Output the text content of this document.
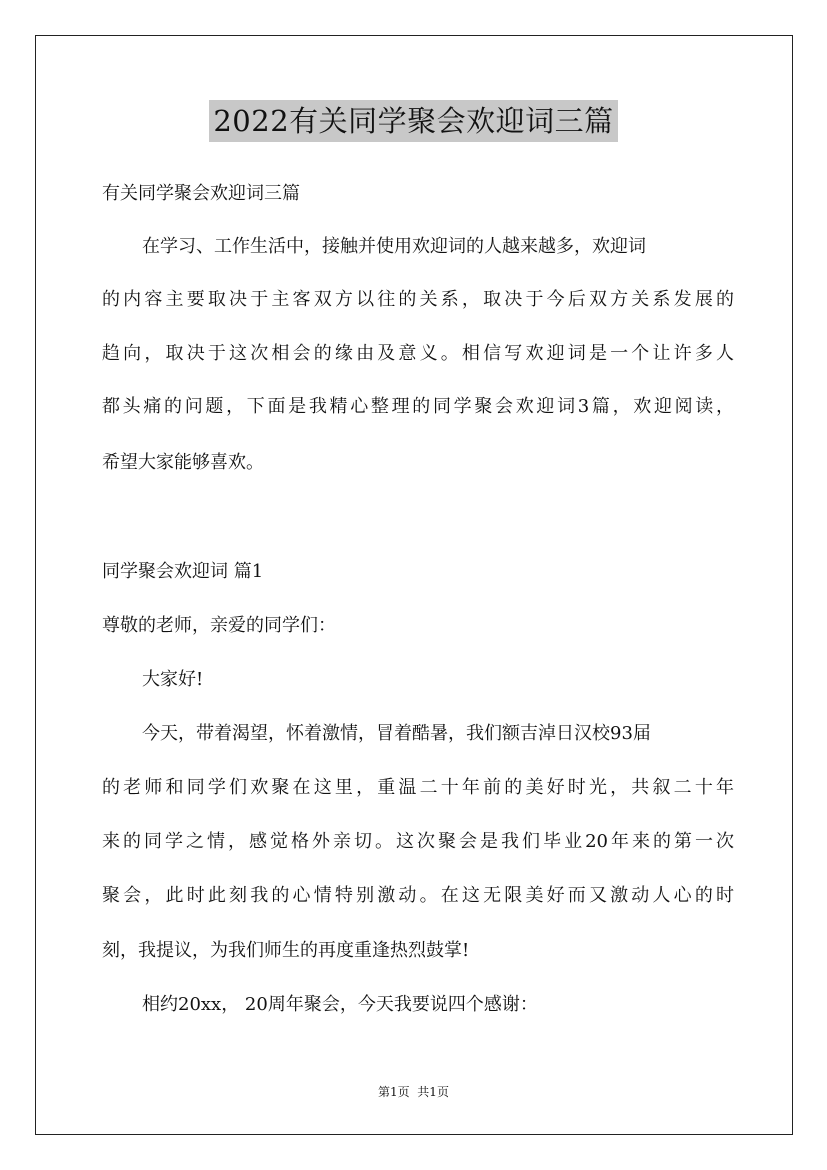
2022有关同学聚会欢迎词三篇
有关同学聚会欢迎词三篇
在学习、工作生活中，接触并使用欢迎词的人越来越多，欢迎词
的内容主要取决于主客双方以往的关系，取决于今后双方关系发展的
趋向，取决于这次相会的缘由及意义。相信写欢迎词是一个让许多人
都头痛的问题，下面是我精心整理的同学聚会欢迎词3篇，欢迎阅读，
希望大家能够喜欢。
同学聚会欢迎词 篇1
尊敬的老师，亲爱的同学们：
大家好!
今天，带着渴望，怀着激情，冒着酷暑，我们额吉淖日汉校93届
的老师和同学们欢聚在这里，重温二十年前的美好时光，共叙二十年
来的同学之情，感觉格外亲切。这次聚会是我们毕业20年来的第一次
聚会，此时此刻我的心情特别激动。在这无限美好而又激动人心的时
刻，我提议，为我们师生的再度重逢热烈鼓掌!
相约20xx， 20周年聚会，今天我要说四个感谢：
第1页  共1页
